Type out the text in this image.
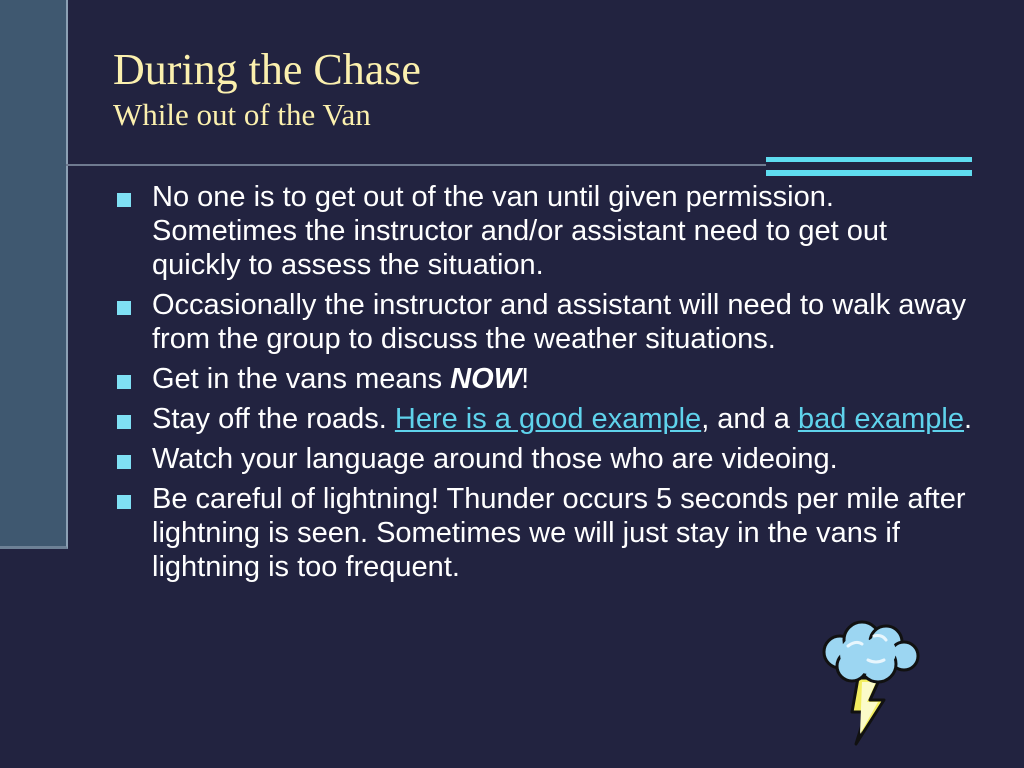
During the Chase
While out of the Van
No one is to get out of the van until given permission. Sometimes the instructor and/or assistant need to get out quickly to assess the situation.
Occasionally the instructor and assistant will need to walk away from the group to discuss the weather situations.
Get in the vans means NOW!
Stay off the roads. Here is a good example, and a bad example.
Watch your language around those who are videoing.
Be careful of lightning! Thunder occurs 5 seconds per mile after lightning is seen. Sometimes we will just stay in the vans if lightning is too frequent.
